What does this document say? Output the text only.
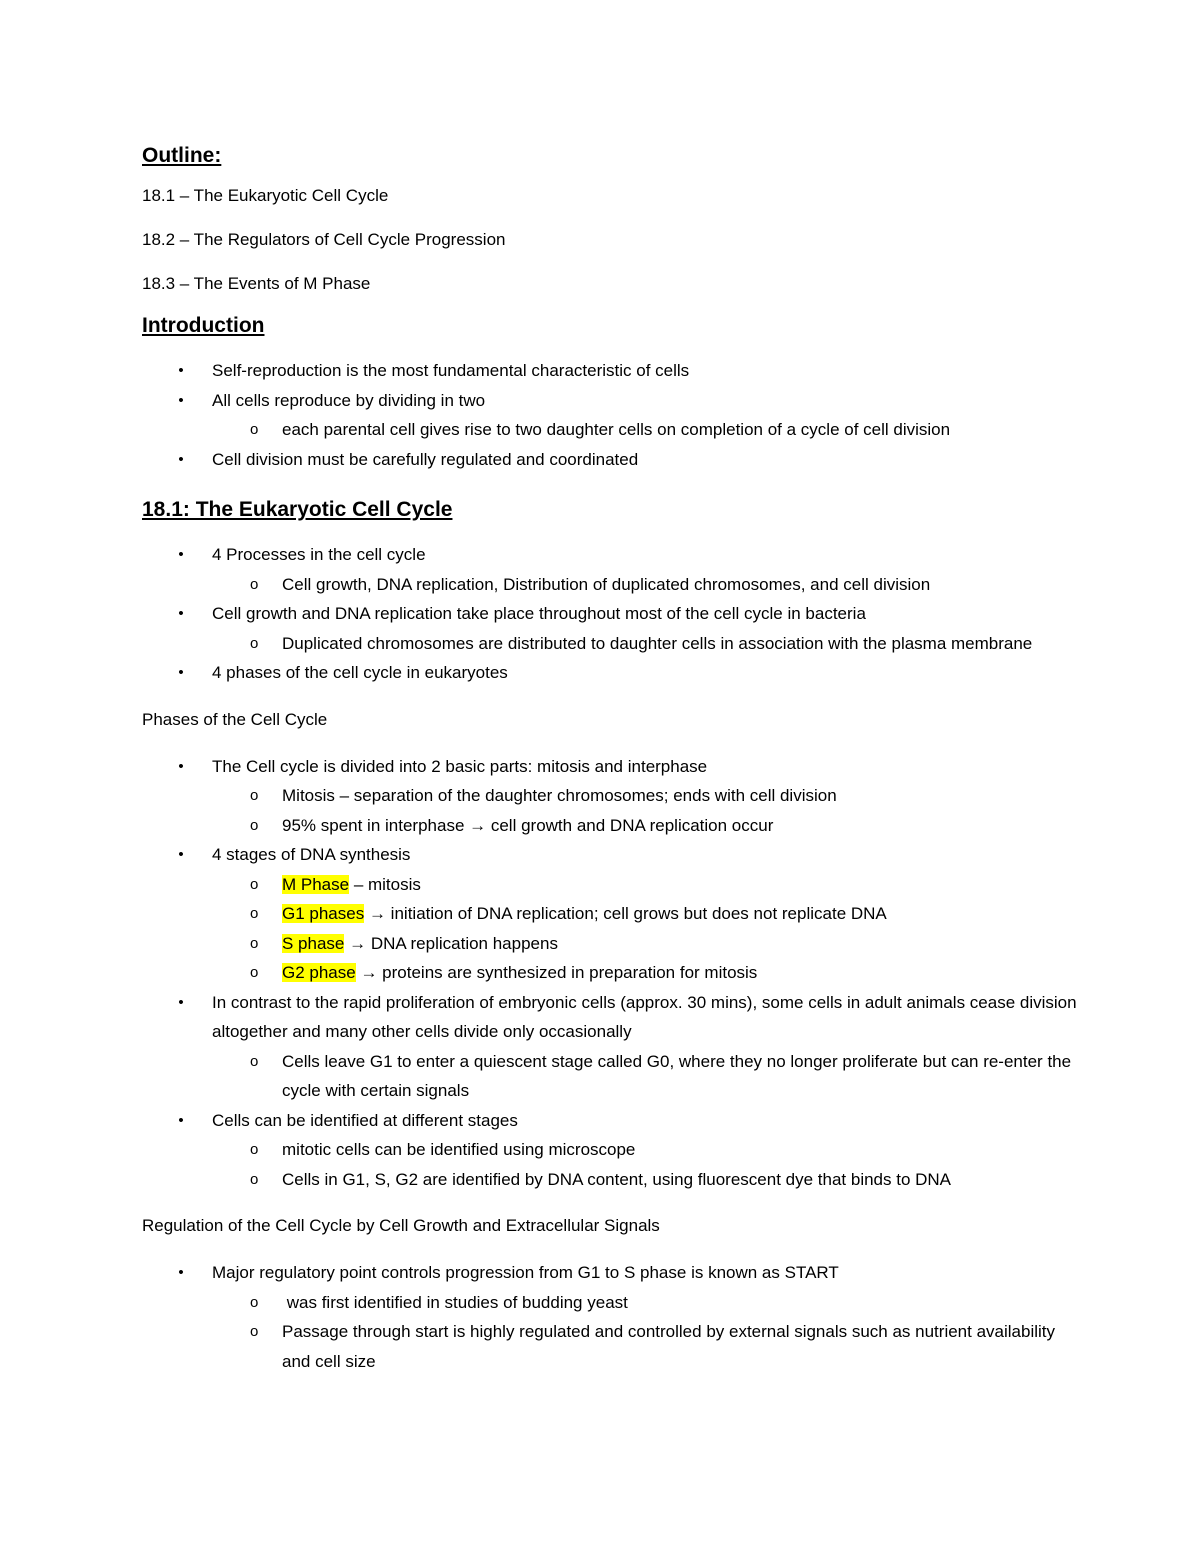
Outline:
18.1 – The Eukaryotic Cell Cycle
18.2 – The Regulators of Cell Cycle Progression
18.3 – The Events of M Phase
Introduction
• Self-reproduction is the most fundamental characteristic of cells
• All cells reproduce by dividing in two
o each parental cell gives rise to two daughter cells on completion of a cycle of cell division
• Cell division must be carefully regulated and coordinated
18.1: The Eukaryotic Cell Cycle
• 4 Processes in the cell cycle
o Cell growth, DNA replication, Distribution of duplicated chromosomes, and cell division
• Cell growth and DNA replication take place throughout most of the cell cycle in bacteria
o Duplicated chromosomes are distributed to daughter cells in association with the plasma membrane
• 4 phases of the cell cycle in eukaryotes
Phases of the Cell Cycle
• The Cell cycle is divided into 2 basic parts: mitosis and interphase
o Mitosis – separation of the daughter chromosomes; ends with cell division
o 95% spent in interphase → cell growth and DNA replication occur
• 4 stages of DNA synthesis
o M Phase – mitosis
o G1 phases → initiation of DNA replication; cell grows but does not replicate DNA
o S phase → DNA replication happens
o G2 phase → proteins are synthesized in preparation for mitosis
• In contrast to the rapid proliferation of embryonic cells (approx. 30 mins), some cells in adult animals cease division altogether and many other cells divide only occasionally
o Cells leave G1 to enter a quiescent stage called G0, where they no longer proliferate but can re-enter the cycle with certain signals
• Cells can be identified at different stages
o mitotic cells can be identified using microscope
o Cells in G1, S, G2 are identified by DNA content, using fluorescent dye that binds to DNA
Regulation of the Cell Cycle by Cell Growth and Extracellular Signals
• Major regulatory point controls progression from G1 to S phase is known as START
o was first identified in studies of budding yeast
o Passage through start is highly regulated and controlled by external signals such as nutrient availability and cell size
